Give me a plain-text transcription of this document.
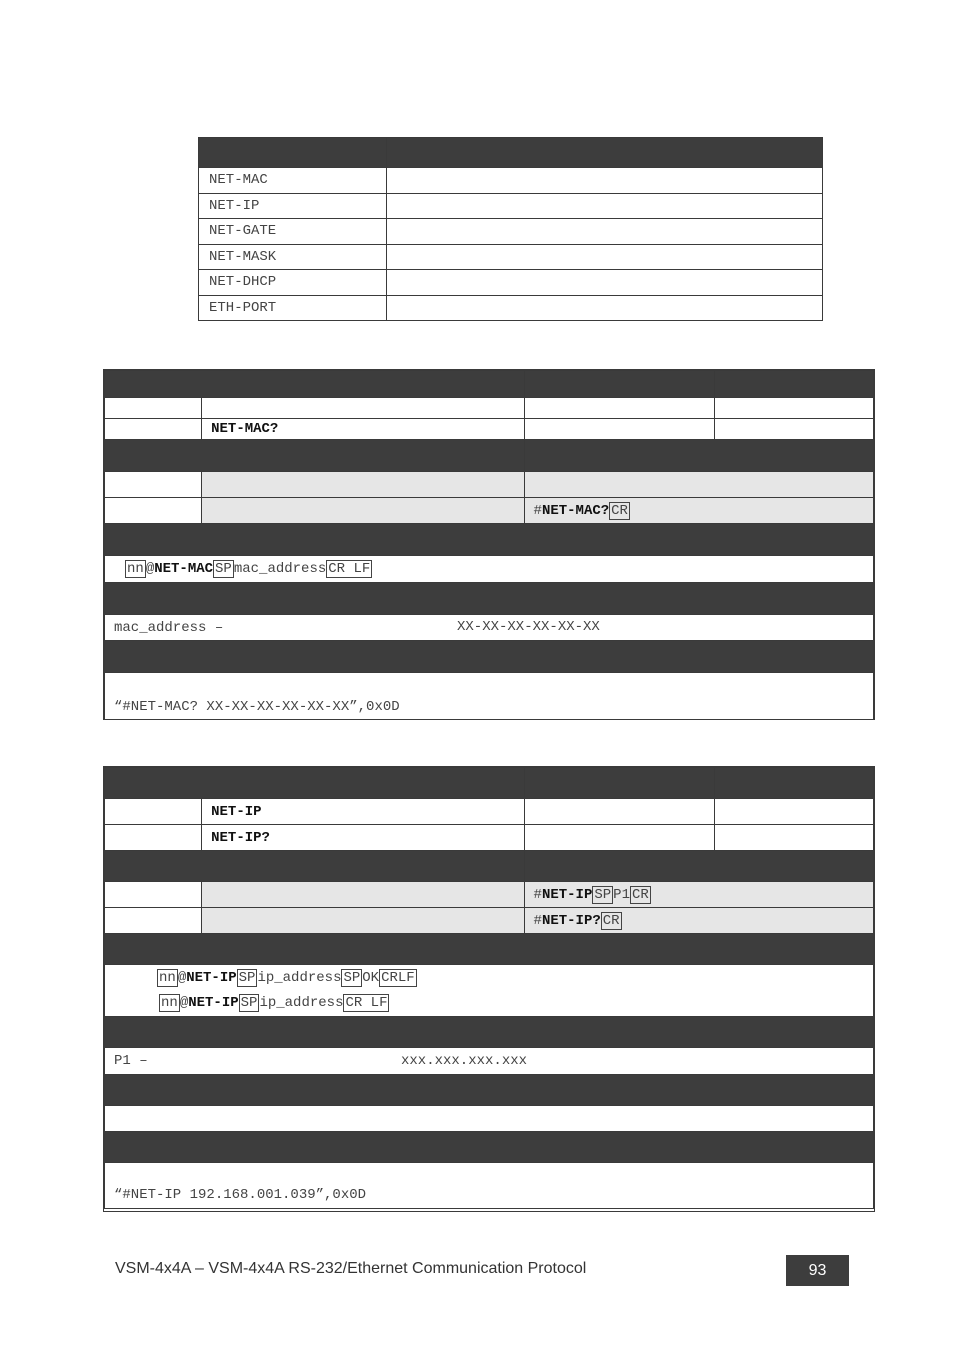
NET-MAC	
NET-IP	
NET-GATE	
NET-MASK	
NET-DHCP	
ETH-PORT	

	NET-MAC?		

		#NET-MAC? CR	

nn @NET-MAC SP mac_address CR LF			

mac_address – XX-XX-XX-XX-XX-XX			

“#NET-MAC? XX-XX-XX-XX-XX-XX”,0x0D			

	NET-IP		
	NET-IP?		

		#NET-IP SP P1 CR	
		#NET-IP? CR	

nn @NET-IP SP ip_address SP OK CRLF
nn @NET-IP SP ip_address CR LF			

P1 – xxx.xxx.xxx.xxx			

“#NET-IP 192.168.001.039”,0x0D			
VSM-4x4A – VSM-4x4A RS-232/Ethernet Communication Protocol	93
